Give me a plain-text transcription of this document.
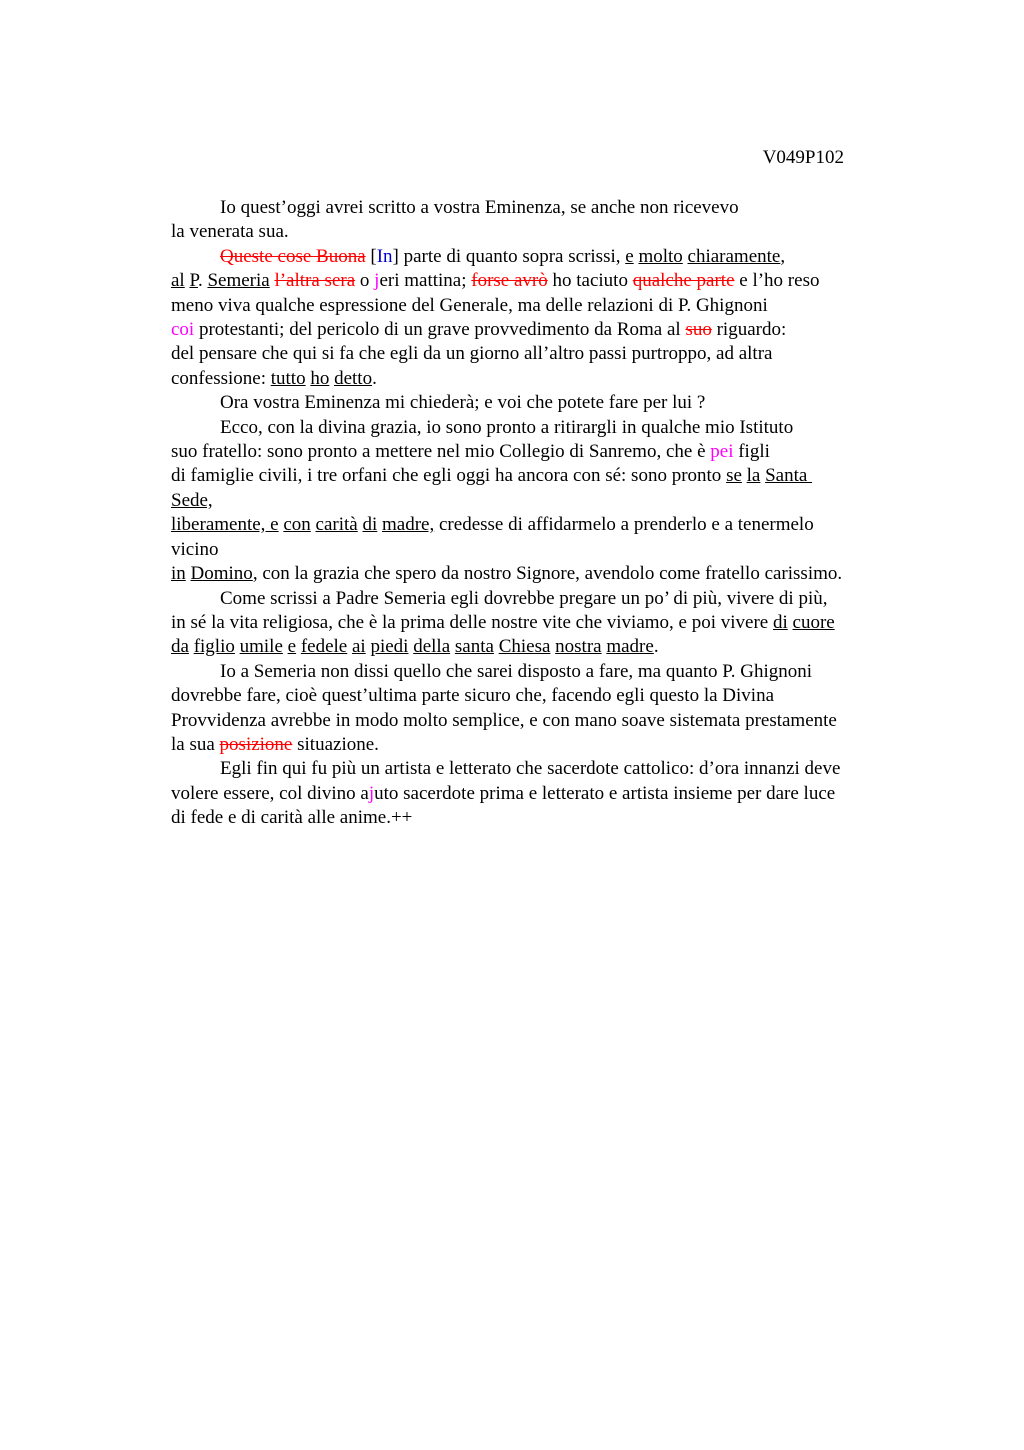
V049P102
Io quest’oggi avrei scritto a vostra Eminenza, se anche non ricevevo
la venerata sua.
Queste cose Buona [In] parte di quanto sopra scrissi, e molto chiaramente,
al P. Semeria l’altra sera o jeri mattina; forse avrò ho taciuto qualche parte e l’ho reso
meno viva qualche espressione del Generale, ma delle relazioni di P. Ghignoni
coi protestanti; del pericolo di un grave provvedimento da Roma al suo riguardo:
del pensare che qui si fa che egli da un giorno all’altro passi purtroppo, ad altra
confessione: tutto ho detto.
Ora vostra Eminenza mi chiederà; e voi che potete fare per lui ?
Ecco, con la divina grazia, io sono pronto a ritirargli in qualche mio Istituto
suo fratello: sono pronto a mettere nel mio Collegio di Sanremo, che è pei figli
di famiglie civili, i tre orfani che egli oggi ha ancora con sé: sono pronto se la Santa
Sede,
liberamente, e con carità di madre, credesse di affidarmelo a prenderlo e a tenermelo
vicino
in Domino, con la grazia che spero da nostro Signore, avendolo come fratello carissimo.
Come scrissi a Padre Semeria egli dovrebbe pregare un po’ di più, vivere di più,
in sé la vita religiosa, che è la prima delle nostre vite che viviamo, e poi vivere di cuore
da figlio umile e fedele ai piedi della santa Chiesa nostra madre.
Io a Semeria non dissi quello che sarei disposto a fare, ma quanto P. Ghignoni
dovrebbe fare, cioè quest’ultima parte sicuro che, facendo egli questo la Divina
Provvidenza avrebbe in modo molto semplice, e con mano soave sistemata prestamente
la sua posizione situazione.
Egli fin qui fu più un artista e letterato che sacerdote cattolico: d’ora innanzi deve
volere essere, col divino ajuto sacerdote prima e letterato e artista insieme per dare luce
di fede e di carità alle anime.++
